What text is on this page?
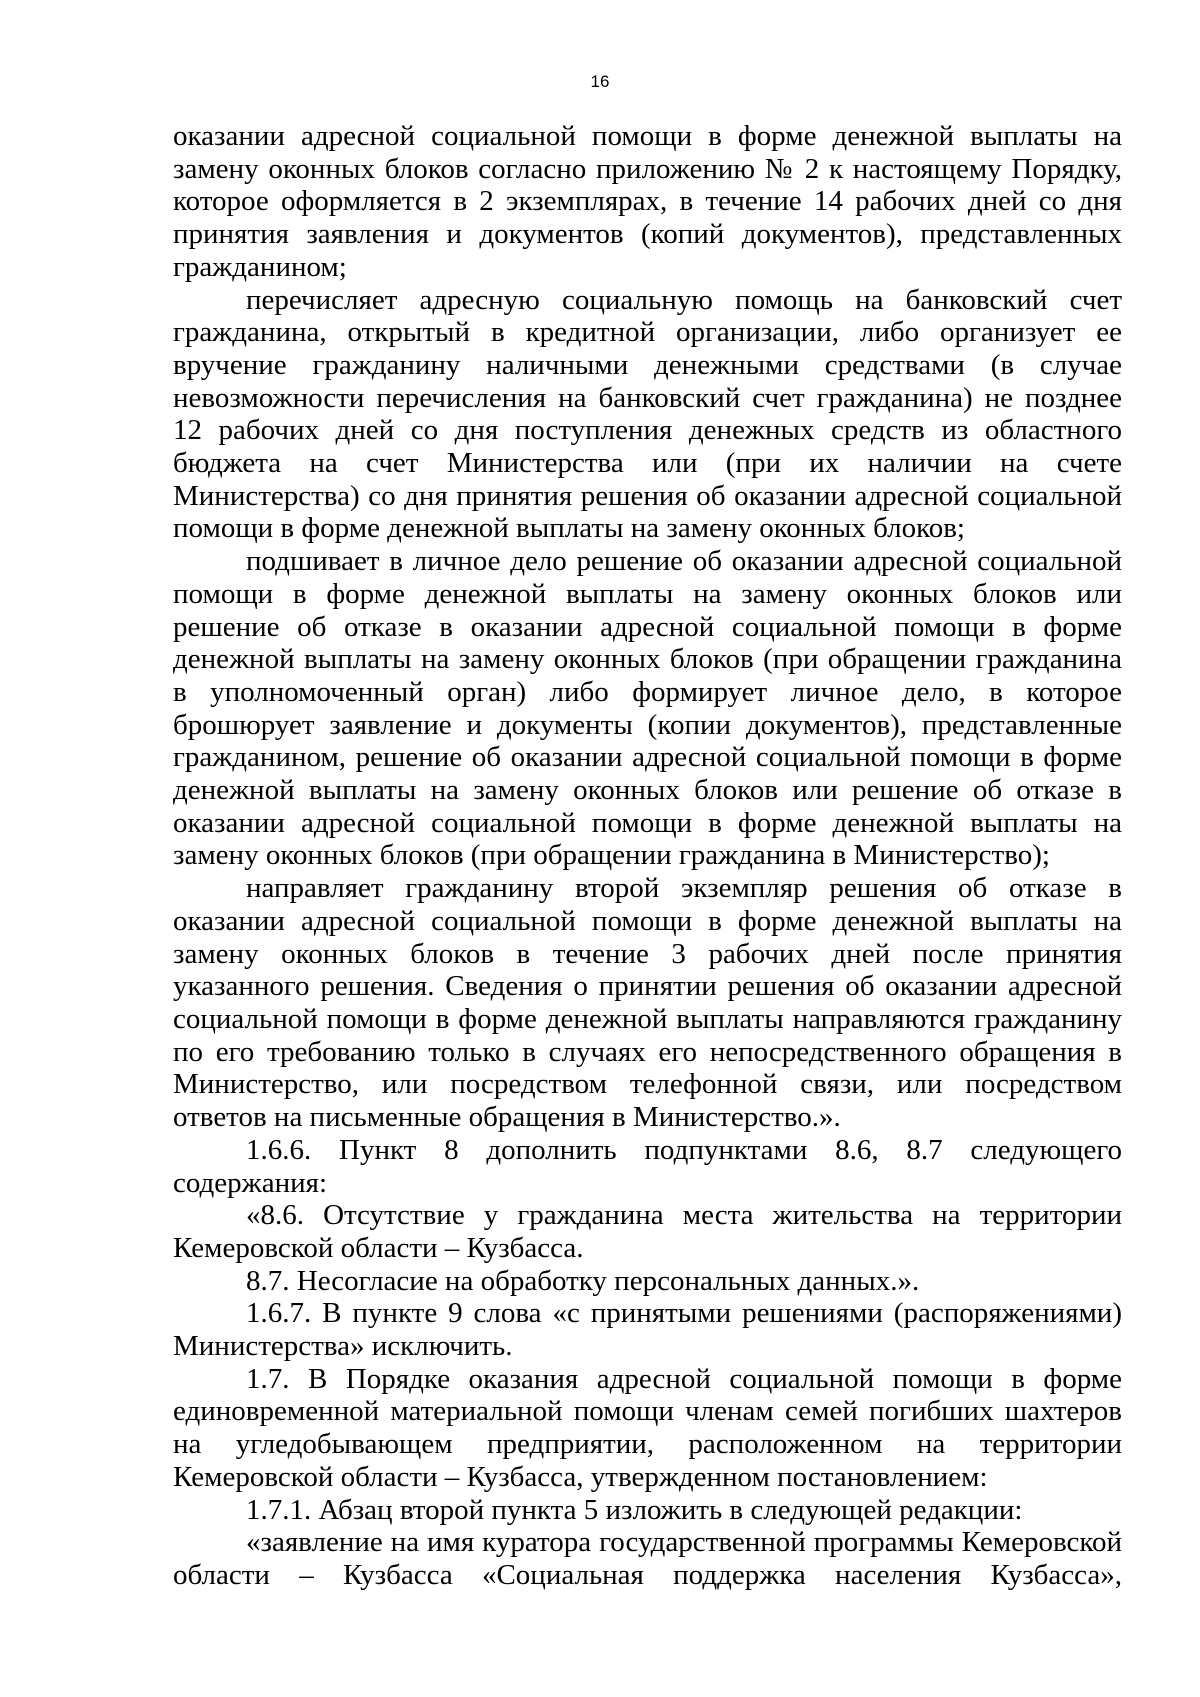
16

оказании адресной социальной помощи в форме денежной выплаты на замену оконных блоков согласно приложению № 2 к настоящему Порядку, которое оформляется в 2 экземплярах, в течение 14 рабочих дней со дня принятия заявления и документов (копий документов), представленных гражданином;

перечисляет адресную социальную помощь на банковский счет гражданина, открытый в кредитной организации, либо организует ее вручение гражданину наличными денежными средствами (в случае невозможности перечисления на банковский счет гражданина) не позднее 12 рабочих дней со дня поступления денежных средств из областного бюджета на счет Министерства или (при их наличии на счете Министерства) со дня принятия решения об оказании адресной социальной помощи в форме денежной выплаты на замену оконных блоков;

подшивает в личное дело решение об оказании адресной социальной помощи в форме денежной выплаты на замену оконных блоков или решение об отказе в оказании адресной социальной помощи в форме денежной выплаты на замену оконных блоков (при обращении гражданина в уполномоченный орган) либо формирует личное дело, в которое брошюрует заявление и документы (копии документов), представленные гражданином, решение об оказании адресной социальной помощи в форме денежной выплаты на замену оконных блоков или решение об отказе в оказании адресной социальной помощи в форме денежной выплаты на замену оконных блоков (при обращении гражданина в Министерство);

направляет гражданину второй экземпляр решения об отказе в оказании адресной социальной помощи в форме денежной выплаты на замену оконных блоков в течение 3 рабочих дней после принятия указанного решения. Сведения о принятии решения об оказании адресной социальной помощи в форме денежной выплаты направляются гражданину по его требованию только в случаях его непосредственного обращения в Министерство, или посредством телефонной связи, или посредством ответов на письменные обращения в Министерство.».

1.6.6. Пункт 8 дополнить подпунктами 8.6, 8.7 следующего содержания:

«8.6. Отсутствие у гражданина места жительства на территории Кемеровской области – Кузбасса.

8.7. Несогласие на обработку персональных данных.».

1.6.7. В пункте 9 слова «с принятыми решениями (распоряжениями) Министерства» исключить.

1.7. В Порядке оказания адресной социальной помощи в форме единовременной материальной помощи членам семей погибших шахтеров на угледобывающем предприятии, расположенном на территории Кемеровской области – Кузбасса, утвержденном постановлением:

1.7.1. Абзац второй пункта 5 изложить в следующей редакции:

«заявление на имя куратора государственной программы Кемеровской области – Кузбасса «Социальная поддержка населения Кузбасса»,
